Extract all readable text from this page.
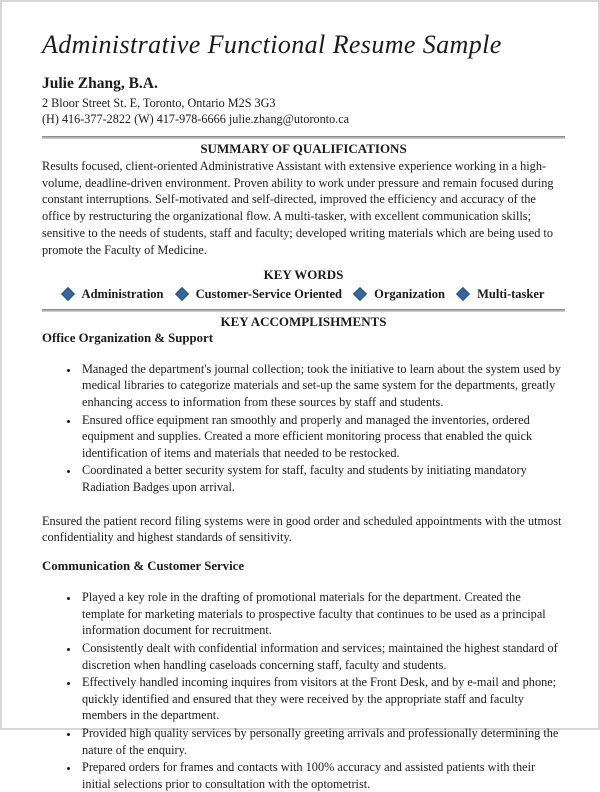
Administrative Functional Resume Sample

Julie Zhang, B.A.

2 Bloor Street St. E, Toronto, Ontario M2S 3G3

(H) 416-377-2822 (W) 417-978-6666 julie.zhang@utoronto.ca

SUMMARY OF QUALIFICATIONS

Results focused, client-oriented Administrative Assistant with extensive experience working in a high-volume, deadline-driven environment. Proven ability to work under pressure and remain focused during constant interruptions. Self-motivated and self-directed, improved the efficiency and accuracy of the office by restructuring the organizational flow. A multi-tasker, with excellent communication skills; sensitive to the needs of students, staff and faculty; developed writing materials which are being used to promote the Faculty of Medicine.

KEY WORDS
Administration	Customer-Service Oriented	Organization	Multi-tasker
KEY ACCOMPLISHMENTS
Office Organization & Support
• Managed the department's journal collection; took the initiative to learn about the system used by medical libraries to categorize materials and set-up the same system for the departments, greatly enhancing access to information from these sources by staff and students.
• Ensured office equipment ran smoothly and properly and managed the inventories, ordered equipment and supplies. Created a more efficient monitoring process that enabled the quick identification of items and materials that needed to be restocked.
• Coordinated a better security system for staff, faculty and students by initiating mandatory Radiation Badges upon arrival.

Ensured the patient record filing systems were in good order and scheduled appointments with the utmost confidentiality and highest standards of sensitivity.

Communication & Customer Service
• Played a key role in the drafting of promotional materials for the department. Created the template for marketing materials to prospective faculty that continues to be used as a principal information document for recruitment.
• Consistently dealt with confidential information and services; maintained the highest standard of discretion when handling caseloads concerning staff, faculty and students.
• Effectively handled incoming inquires from visitors at the Front Desk, and by e-mail and phone; quickly identified and ensured that they were received by the appropriate staff and faculty members in the department.
• Provided high quality services by personally greeting arrivals and professionally determining the nature of the enquiry.
• Prepared orders for frames and contacts with 100% accuracy and assisted patients with their initial selections prior to consultation with the optometrist.
